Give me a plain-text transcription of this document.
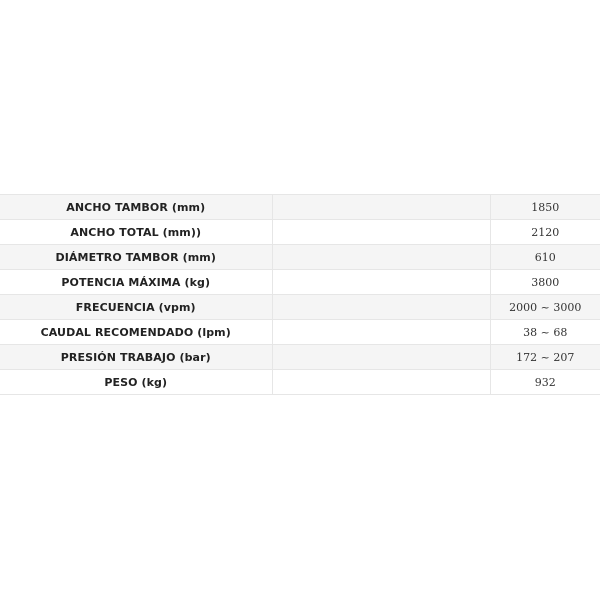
ANCHO TAMBOR (mm)		1850
ANCHO TOTAL (mm))		2120
DIÁMETRO TAMBOR (mm)		610
POTENCIA MÁXIMA (kg)		3800
FRECUENCIA (vpm)		2000 ~ 3000
CAUDAL RECOMENDADO (lpm)		38 ~ 68
PRESIÓN TRABAJO (bar)		172 ~ 207
PESO (kg)		932
